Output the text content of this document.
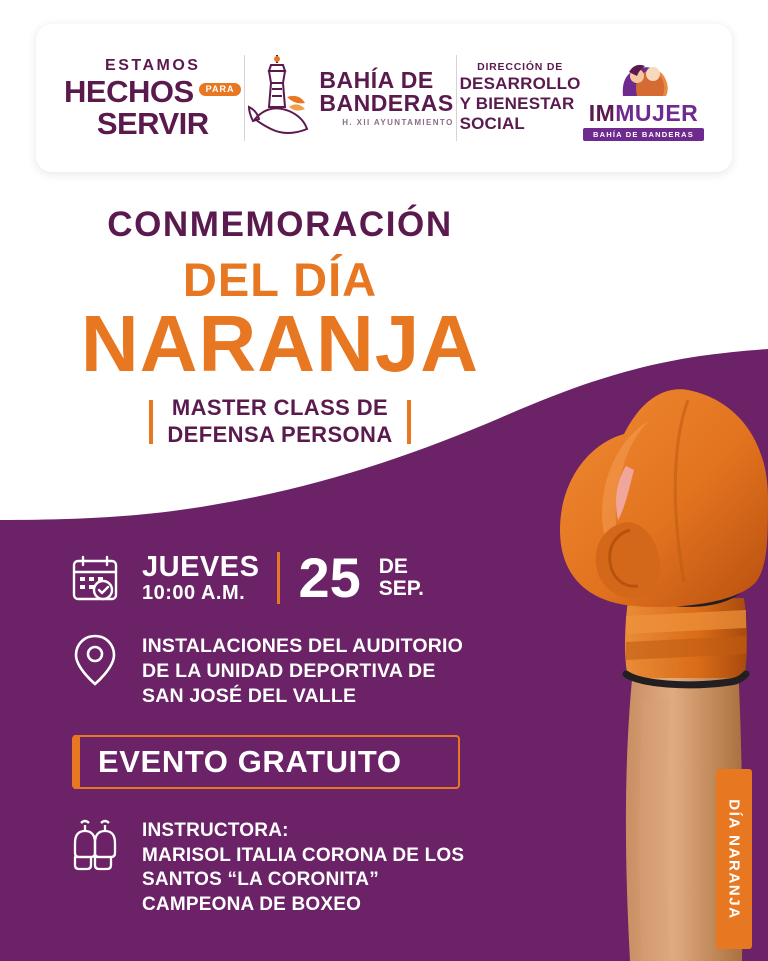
ESTAMOS
HECHOS	PARA
SERVIR
BAHÍA DE
BANDERAS
H. XII AYUNTAMIENTO
DIRECCIÓN DE
DESARROLLO
Y BIENESTAR
SOCIAL	IMMUJER
BAHÍA DE BANDERAS
CONMEMORACIÓN
DEL DÍA
NARANJA
MASTER CLASS DE
DEFENSA PERSONA
JUEVES
10:00 A.M. 25 DE
SEP.
INSTALACIONES DEL AUDITORIO
DE LA UNIDAD DEPORTIVA DE
SAN JOSÉ DEL VALLE
EVENTO GRATUITO
INSTRUCTORA:
MARISOL ITALIA CORONA DE LOS
SANTOS “LA CORONITA”
CAMPEONA DE BOXEO	DÍA NARANJA
